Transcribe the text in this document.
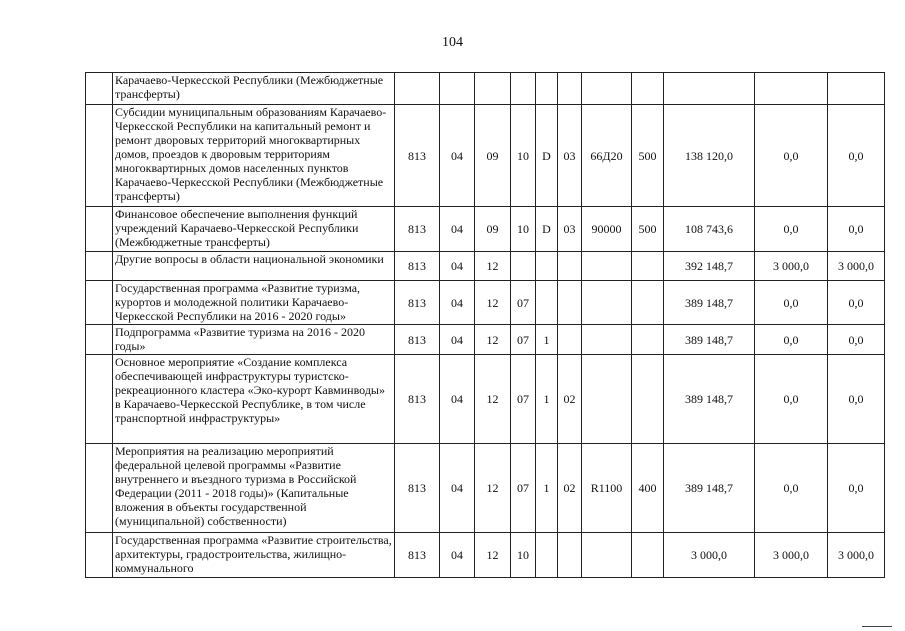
104
	Карачаево-Черкесской Республики (Межбюджетные трансферты)											
	Субсидии муниципальным образованиям Карачаево-Черкесской Республики на капитальный ремонт и ремонт дворовых территорий многоквартирных домов, проездов к дворовым территориям многоквартирных домов населенных пунктов Карачаево-Черкесской Республики (Межбюджетные трансферты)	813	04	09	10	D	03	66Д20	500	138 120,0	0,0	0,0
	Финансовое обеспечение выполнения функций учреждений Карачаево-Черкесской Республики (Межбюджетные трансферты)	813	04	09	10	D	03	90000	500	108 743,6	0,0	0,0
	Другие вопросы в области национальной экономики	813	04	12						392 148,7	3 000,0	3 000,0
	Государственная программа «Развитие туризма, курортов и молодежной политики Карачаево-Черкесской Республики на 2016 - 2020 годы»	813	04	12	07					389 148,7	0,0	0,0
	Подпрограмма «Развитие туризма на 2016 - 2020 годы»	813	04	12	07	1				389 148,7	0,0	0,0
	Основное мероприятие «Создание комплекса обеспечивающей инфраструктуры туристско-рекреационного кластера «Эко-курорт Кавминводы» в Карачаево-Черкесской Республике, в том числе транспортной инфраструктуры»	813	04	12	07	1	02			389 148,7	0,0	0,0
	Мероприятия на реализацию мероприятий федеральной целевой программы «Развитие внутреннего и въездного туризма в Российской Федерации (2011 - 2018 годы)» (Капитальные вложения в объекты государственной (муниципальной) собственности)	813	04	12	07	1	02	R1100	400	389 148,7	0,0	0,0
	Государственная программа «Развитие строительства, архитектуры, градостроительства, жилищно-коммунального	813	04	12	10					3 000,0	3 000,0	3 000,0
